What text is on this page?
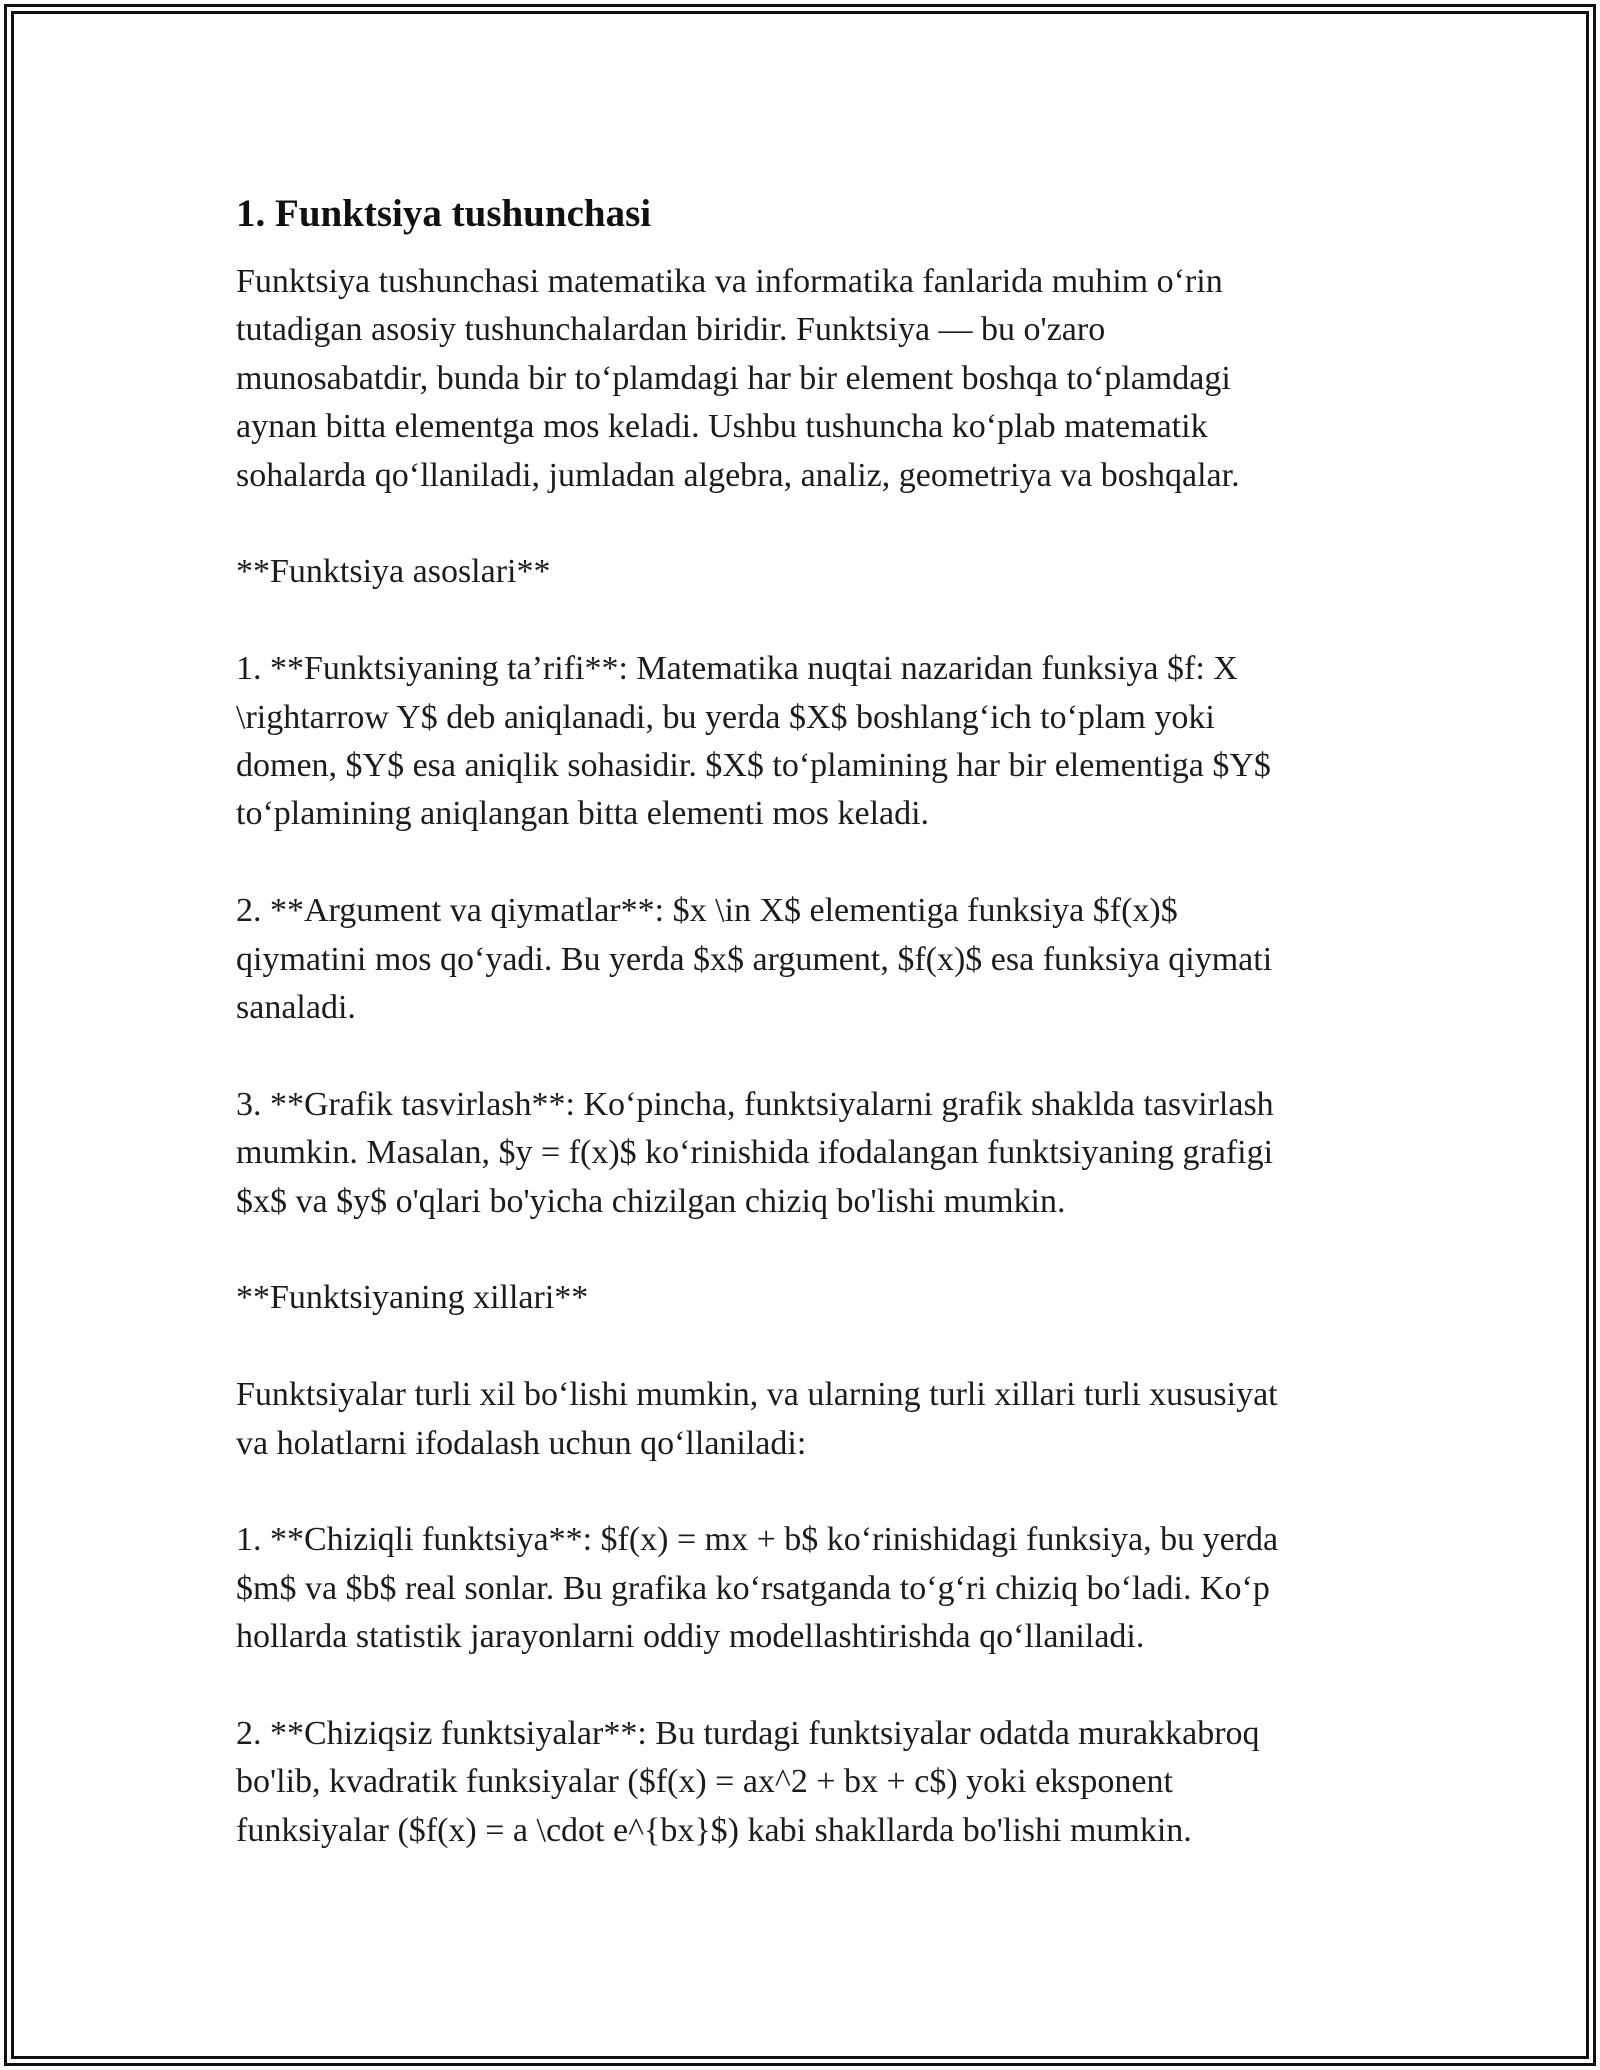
1. Funktsiya tushunchasi

Funktsiya tushunchasi matematika va informatika fanlarida muhim o‘rin
tutadigan asosiy tushunchalardan biridir. Funktsiya — bu o'zaro
munosabatdir, bunda bir to‘plamdagi har bir element boshqa to‘plamdagi
aynan bitta elementga mos keladi. Ushbu tushuncha ko‘plab matematik
sohalarda qo‘llaniladi, jumladan algebra, analiz, geometriya va boshqalar.

**Funktsiya asoslari**

1. **Funktsiyaning ta’rifi**: Matematika nuqtai nazaridan funksiya $f: X
\rightarrow Y$ deb aniqlanadi, bu yerda $X$ boshlang‘ich to‘plam yoki
domen, $Y$ esa aniqlik sohasidir. $X$ to‘plamining har bir elementiga $Y$
to‘plamining aniqlangan bitta elementi mos keladi.

2. **Argument va qiymatlar**: $x \in X$ elementiga funksiya $f(x)$
qiymatini mos qo‘yadi. Bu yerda $x$ argument, $f(x)$ esa funksiya qiymati
sanaladi.

3. **Grafik tasvirlash**: Ko‘pincha, funktsiyalarni grafik shaklda tasvirlash
mumkin. Masalan, $y = f(x)$ ko‘rinishida ifodalangan funktsiyaning grafigi
$x$ va $y$ o'qlari bo'yicha chizilgan chiziq bo'lishi mumkin.

**Funktsiyaning xillari**

Funktsiyalar turli xil bo‘lishi mumkin, va ularning turli xillari turli xususiyat
va holatlarni ifodalash uchun qo‘llaniladi:

1. **Chiziqli funktsiya**: $f(x) = mx + b$ ko‘rinishidagi funksiya, bu yerda
$m$ va $b$ real sonlar. Bu grafika ko‘rsatganda to‘g‘ri chiziq bo‘ladi. Ko‘p
hollarda statistik jarayonlarni oddiy modellashtirishda qo‘llaniladi.

2. **Chiziqsiz funktsiyalar**: Bu turdagi funktsiyalar odatda murakkabroq
bo'lib, kvadratik funksiyalar ($f(x) = ax^2 + bx + c$) yoki eksponent
funksiyalar ($f(x) = a \cdot e^{bx}$) kabi shakllarda bo'lishi mumkin.
